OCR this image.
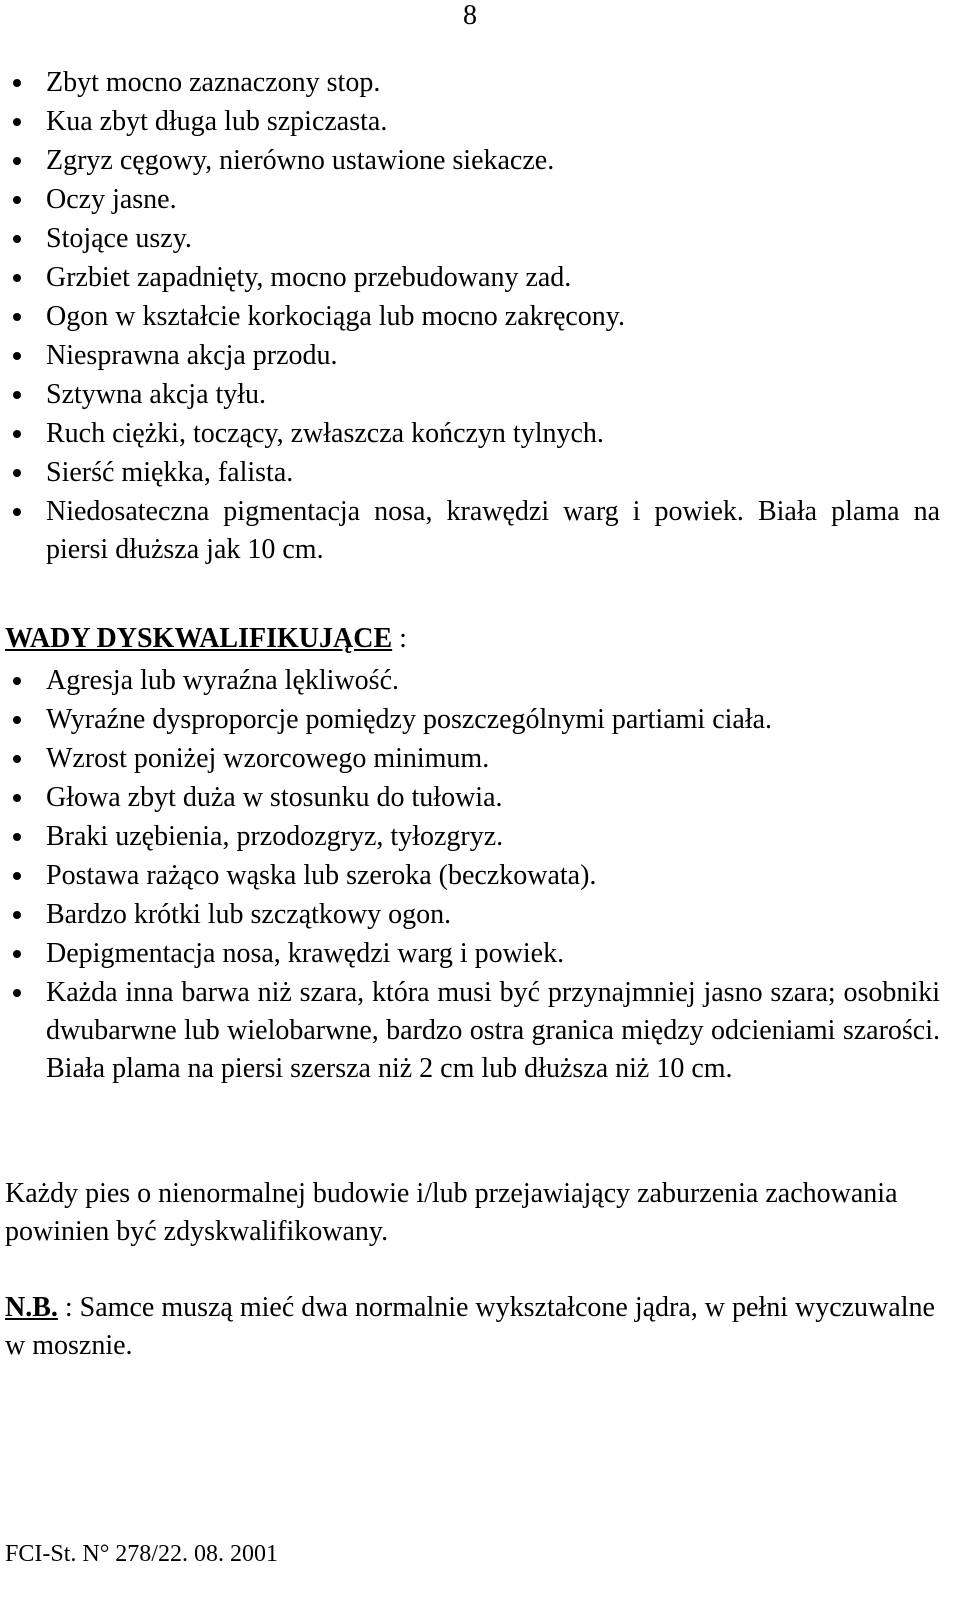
8
Zbyt mocno zaznaczony stop.
Kua zbyt długa lub szpiczasta.
Zgryz cęgowy, nierówno ustawione siekacze.
Oczy jasne.
Stojące uszy.
Grzbiet zapadnięty, mocno przebudowany zad.
Ogon w kształcie korkociąga lub mocno zakręcony.
Niesprawna akcja przodu.
Sztywna akcja tyłu.
Ruch ciężki, toczący, zwłaszcza kończyn tylnych.
Sierść miękka, falista.
Niedosateczna pigmentacja nosa, krawędzi warg i powiek. Biała plama na piersi dłuższa jak 10 cm.
WADY DYSKWALIFIKUJĄCE :
Agresja lub wyraźna lękliwość.
Wyraźne dysproporcje pomiędzy poszczególnymi partiami ciała.
Wzrost poniżej wzorcowego minimum.
Głowa zbyt duża w stosunku do tułowia.
Braki uzębienia, przodozgryz, tyłozgryz.
Postawa rażąco wąska lub szeroka (beczkowata).
Bardzo krótki lub szczątkowy ogon.
Depigmentacja nosa, krawędzi warg i powiek.
Każda inna barwa niż szara, która musi być przynajmniej jasno szara; osobniki dwubarwne lub wielobarwne, bardzo ostra granica między odcieniami szarości. Biała plama na piersi szersza niż 2 cm lub dłuższa niż 10 cm.
Każdy pies o nienormalnej budowie i/lub przejawiający zaburzenia zachowania powinien być zdyskwalifikowany.
N.B. : Samce muszą mieć dwa normalnie wykształcone jądra, w pełni wyczuwalne w mosznie.
FCI-St. N° 278/22. 08. 2001
